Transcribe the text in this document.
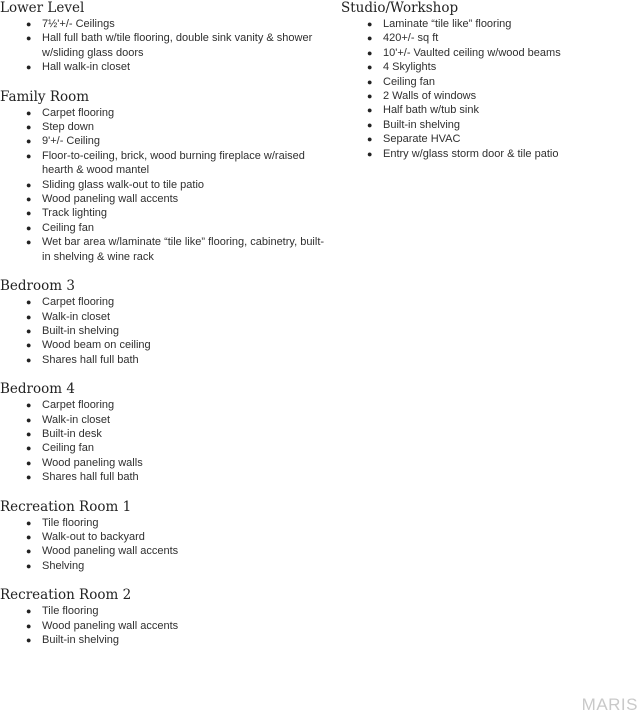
Lower Level
● 7½'+/- Ceilings
● Hall full bath w/tile flooring, double sink vanity & shower w/sliding glass doors
● Hall walk-in closet
Family Room
● Carpet flooring
● Step down
● 9'+/- Ceiling
● Floor-to-ceiling, brick, wood burning fireplace w/raised hearth & wood mantel
● Sliding glass walk-out to tile patio
● Wood paneling wall accents
● Track lighting
● Ceiling fan
● Wet bar area w/laminate “tile like” flooring, cabinetry, built-in shelving & wine rack
Bedroom 3
● Carpet flooring
● Walk-in closet
● Built-in shelving
● Wood beam on ceiling
● Shares hall full bath
Bedroom 4
● Carpet flooring
● Walk-in closet
● Built-in desk
● Ceiling fan
● Wood paneling walls
● Shares hall full bath
Recreation Room 1
● Tile flooring
● Walk-out to backyard
● Wood paneling wall accents
● Shelving
Recreation Room 2
● Tile flooring
● Wood paneling wall accents
● Built-in shelving
Studio/Workshop
● Laminate “tile like” flooring
● 420+/- sq ft
● 10'+/- Vaulted ceiling w/wood beams
● 4 Skylights
● Ceiling fan
● 2 Walls of windows
● Half bath w/tub sink
● Built-in shelving
● Separate HVAC
● Entry w/glass storm door & tile patio
MARIS
